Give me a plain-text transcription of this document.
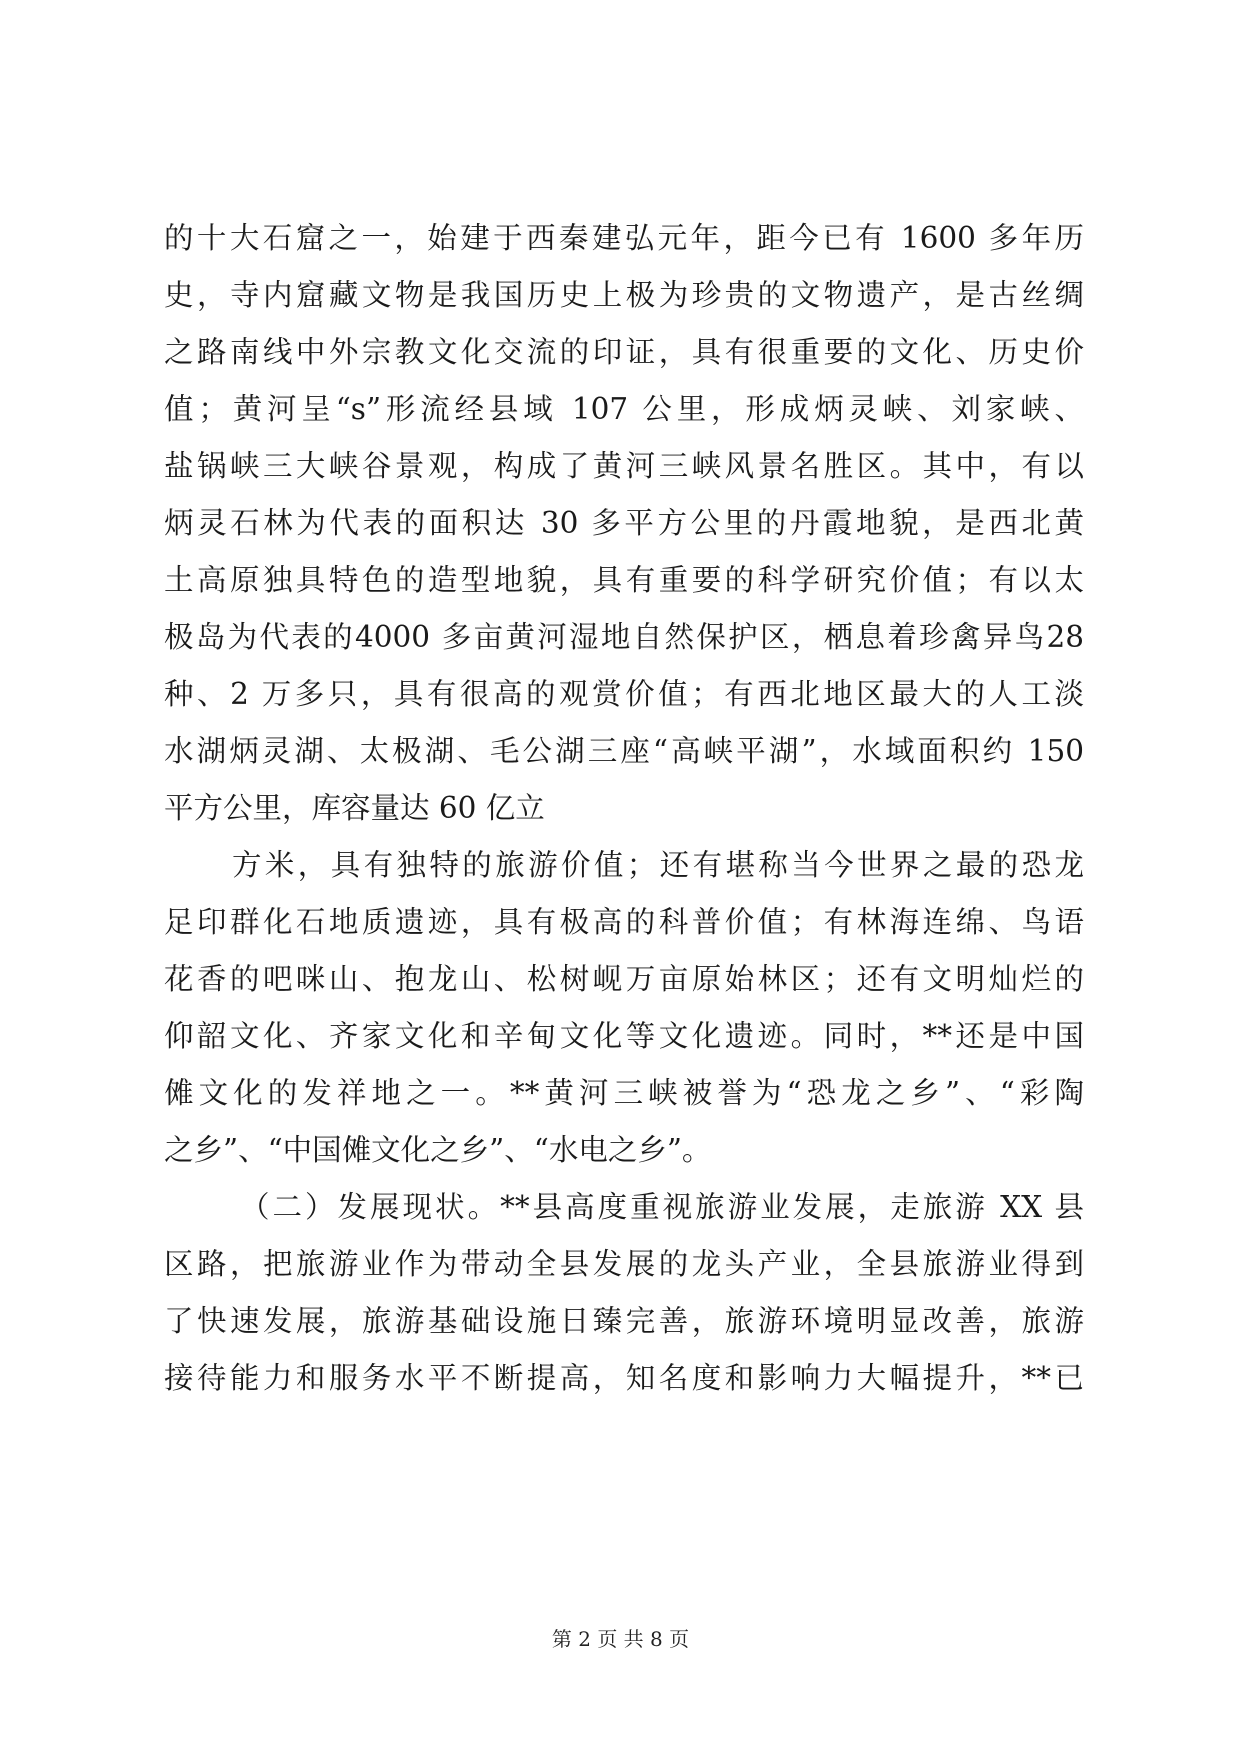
的十大石窟之一，始建于西秦建弘元年，距今已有 1600 多年历
史，寺内窟藏文物是我国历史上极为珍贵的文物遗产，是古丝绸
之路南线中外宗教文化交流的印证，具有很重要的文化、历史价
值；黄河呈“s”形流经县域 107 公里，形成炳灵峡、刘家峡、
盐锅峡三大峡谷景观，构成了黄河三峡风景名胜区。其中，有以
炳灵石林为代表的面积达 30 多平方公里的丹霞地貌，是西北黄
土高原独具特色的造型地貌，具有重要的科学研究价值；有以太
极岛为代表的4000 多亩黄河湿地自然保护区，栖息着珍禽异鸟28
种、2 万多只，具有很高的观赏价值；有西北地区最大的人工淡
水湖炳灵湖、太极湖、毛公湖三座“高峡平湖”，水域面积约 150
平方公里，库容量达 60 亿立
方米，具有独特的旅游价值；还有堪称当今世界之最的恐龙
足印群化石地质遗迹，具有极高的科普价值；有林海连绵、鸟语
花香的吧咪山、抱龙山、松树岘万亩原始林区；还有文明灿烂的
仰韶文化、齐家文化和辛甸文化等文化遗迹。同时，**还是中国
傩文化的发祥地之一。**黄河三峡被誉为“恐龙之乡”、“彩陶
之乡”、“中国傩文化之乡”、“水电之乡”。
（二）发展现状。**县高度重视旅游业发展，走旅游 XX 县
区路，把旅游业作为带动全县发展的龙头产业，全县旅游业得到
了快速发展，旅游基础设施日臻完善，旅游环境明显改善，旅游
接待能力和服务水平不断提高，知名度和影响力大幅提升，**已
第 2 页 共 8 页
